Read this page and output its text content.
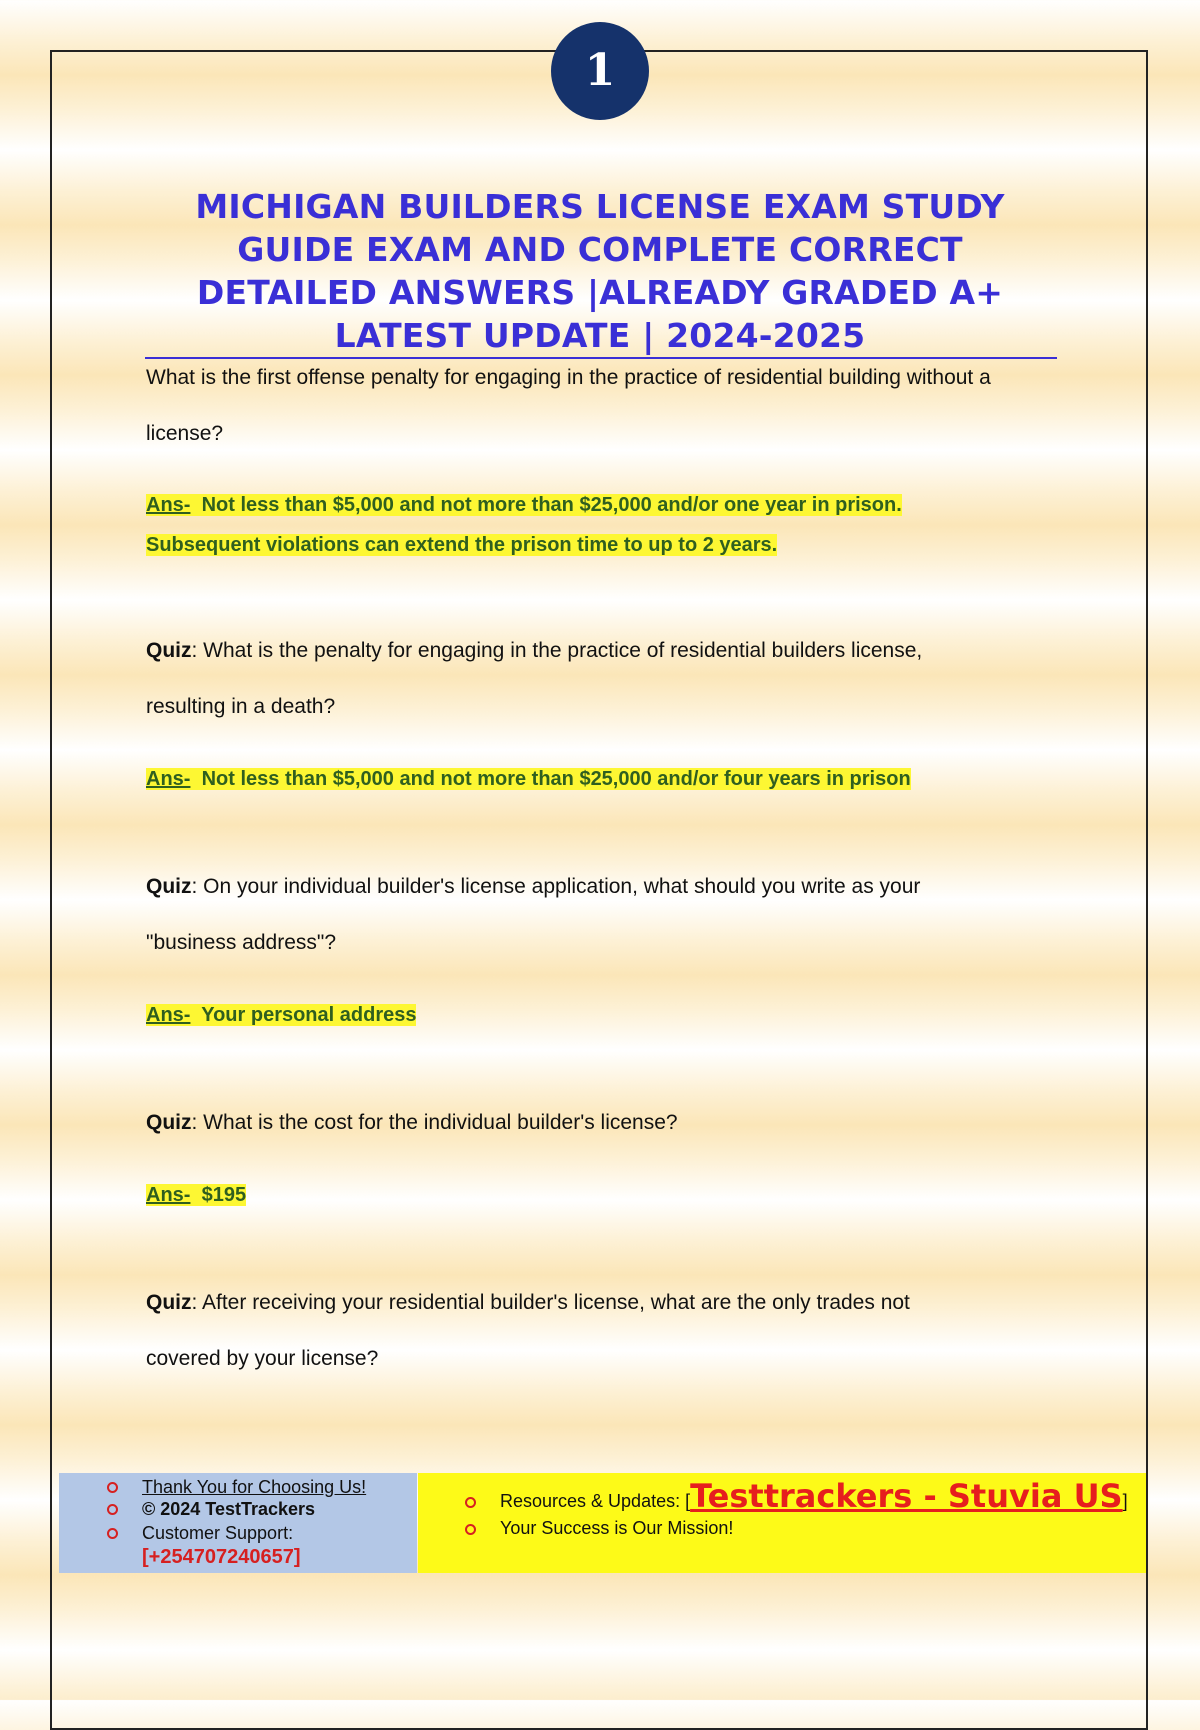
1
MICHIGAN BUILDERS LICENSE EXAM STUDY
GUIDE EXAM AND COMPLETE CORRECT
DETAILED ANSWERS |ALREADY GRADED A+
LATEST UPDATE | 2024-2025
What is the first offense penalty for engaging in the practice of residential building without a
license?
Ans- Not less than $5,000 and not more than $25,000 and/or one year in prison.
Subsequent violations can extend the prison time to up to 2 years.
Quiz: What is the penalty for engaging in the practice of residential builders license,
resulting in a death?
Ans- Not less than $5,000 and not more than $25,000 and/or four years in prison
Quiz: On your individual builder's license application, what should you write as your
"business address"?
Ans- Your personal address
Quiz: What is the cost for the individual builder's license?
Ans- $195
Quiz: After receiving your residential builder's license, what are the only trades not
covered by your license?
Thank You for Choosing Us!
© 2024 TestTrackers
Customer Support:
[+254707240657]
Resources & Updates: [Testtrackers - Stuvia US]
Your Success is Our Mission!
